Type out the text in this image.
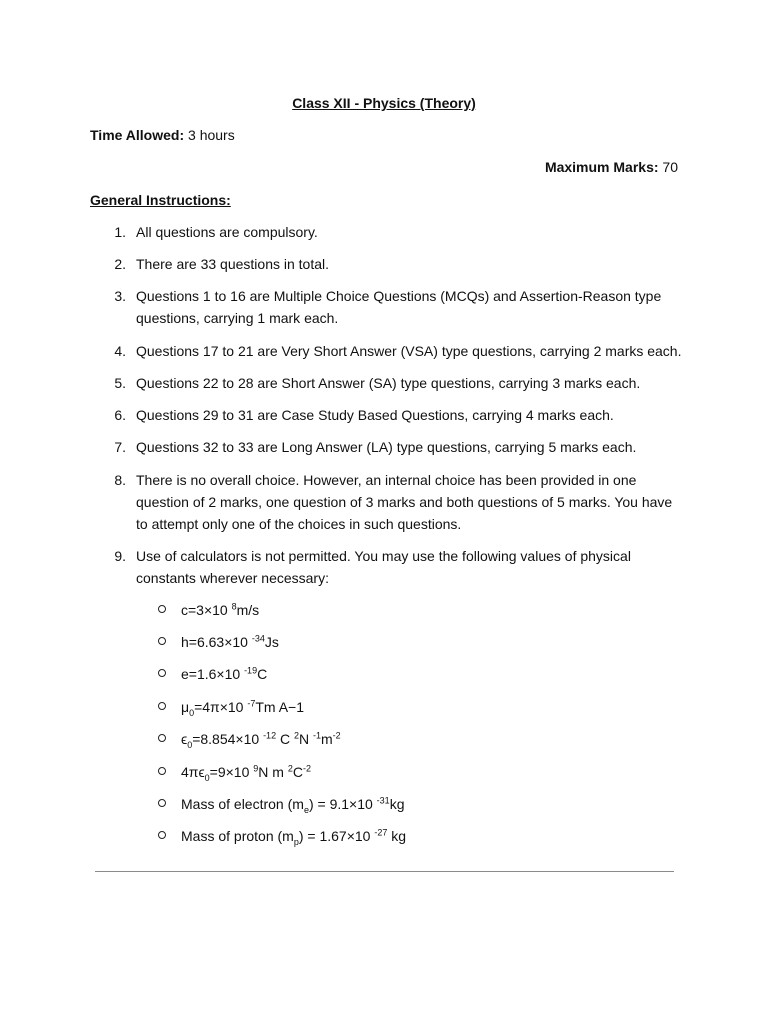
Class XII - Physics (Theory)
Time Allowed: 3 hours
Maximum Marks: 70
General Instructions:
1. All questions are compulsory.
2. There are 33 questions in total.
3. Questions 1 to 16 are Multiple Choice Questions (MCQs) and Assertion-Reason type questions, carrying 1 mark each.
4. Questions 17 to 21 are Very Short Answer (VSA) type questions, carrying 2 marks each.
5. Questions 22 to 28 are Short Answer (SA) type questions, carrying 3 marks each.
6. Questions 29 to 31 are Case Study Based Questions, carrying 4 marks each.
7. Questions 32 to 33 are Long Answer (LA) type questions, carrying 5 marks each.
8. There is no overall choice. However, an internal choice has been provided in one question of 2 marks, one question of 3 marks and both questions of 5 marks. You have to attempt only one of the choices in such questions.
9. Use of calculators is not permitted. You may use the following values of physical constants wherever necessary:
c=3×10 $^8$m/s
h=6.63×10 $^{-34}$Js
e=1.6×10 $^{-19}$C
$\mu_0=4\pi\times 10$ $^{-7}$Tm A−1
$\epsilon_0=8.854\times 10$ $^{-12}$ C $^2$N $^{-1}m^{-2}$
$4\pi\epsilon_0=9\times 10$ $^9$N m $^2C^{-2}$
Mass of electron $(m_e) = 9.1\times 10$ $^{-31}$kg
Mass of proton $(m_p) = 1.67\times 10$ $^{-27}$ kg
